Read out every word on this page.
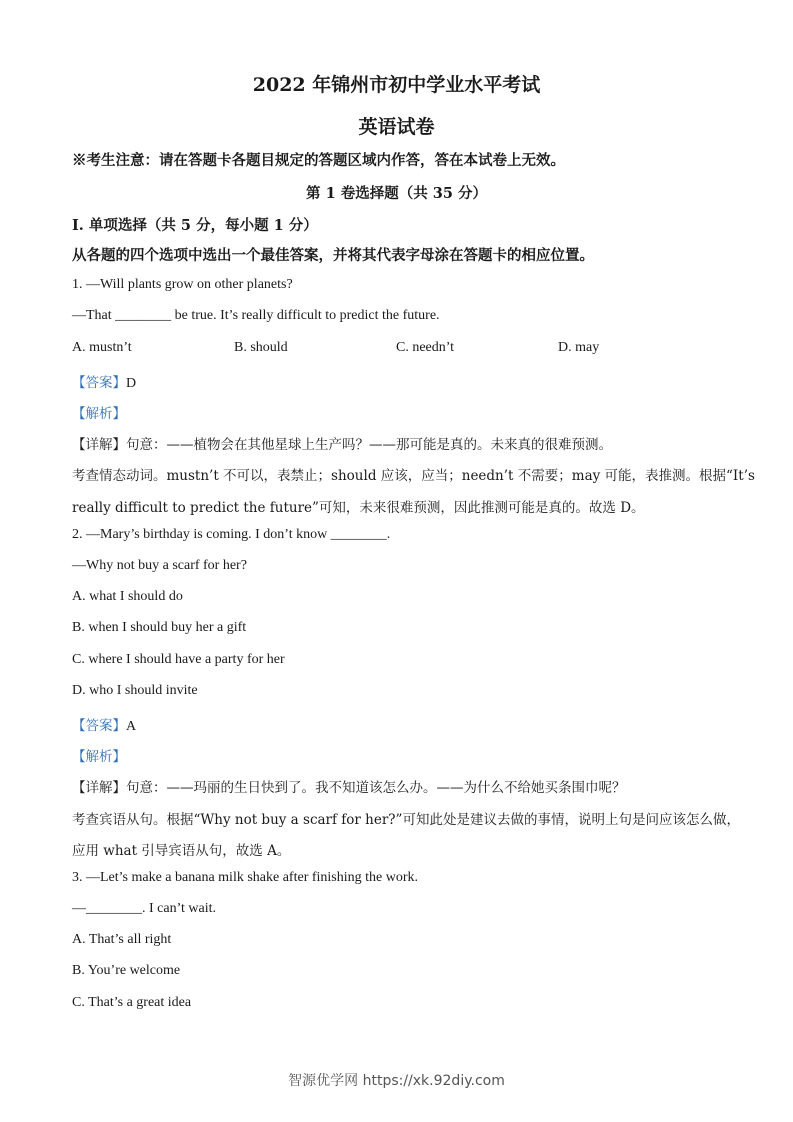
2022 年锦州市初中学业水平考试
英语试卷
※考生注意：请在答题卡各题目规定的答题区域内作答，答在本试卷上无效。
第 1 卷选择题（共 35 分）
I. 单项选择（共 5 分，每小题 1 分）
从各题的四个选项中选出一个最佳答案，并将其代表字母涂在答题卡的相应位置。
1. —Will plants grow on other planets?
—That ________ be true. It’s really difficult to predict the future.
A. mustn’t	B. should	C. needn’t	D. may
【答案】D
【解析】
【详解】句意：——植物会在其他星球上生产吗？——那可能是真的。未来真的很难预测。
考查情态动词。mustn’t 不可以，表禁止；should 应该，应当；needn’t 不需要；may 可能，表推测。根据“It’s
really difficult to predict the future”可知，未来很难预测，因此推测可能是真的。故选 D。
2. —Mary’s birthday is coming. I don’t know ________.
—Why not buy a scarf for her?
A. what I should do
B. when I should buy her a gift
C. where I should have a party for her
D. who I should invite
【答案】A
【解析】
【详解】句意：——玛丽的生日快到了。我不知道该怎么办。——为什么不给她买条围巾呢？
考查宾语从句。根据“Why not buy a scarf for her?”可知此处是建议去做的事情，说明上句是问应该怎么做，
应用 what 引导宾语从句，故选 A。
3. —Let’s make a banana milk shake after finishing the work.
—________. I can’t wait.
A. That’s all right
B. You’re welcome
C. That’s a great idea
智源优学网 https://xk.92diy.com
